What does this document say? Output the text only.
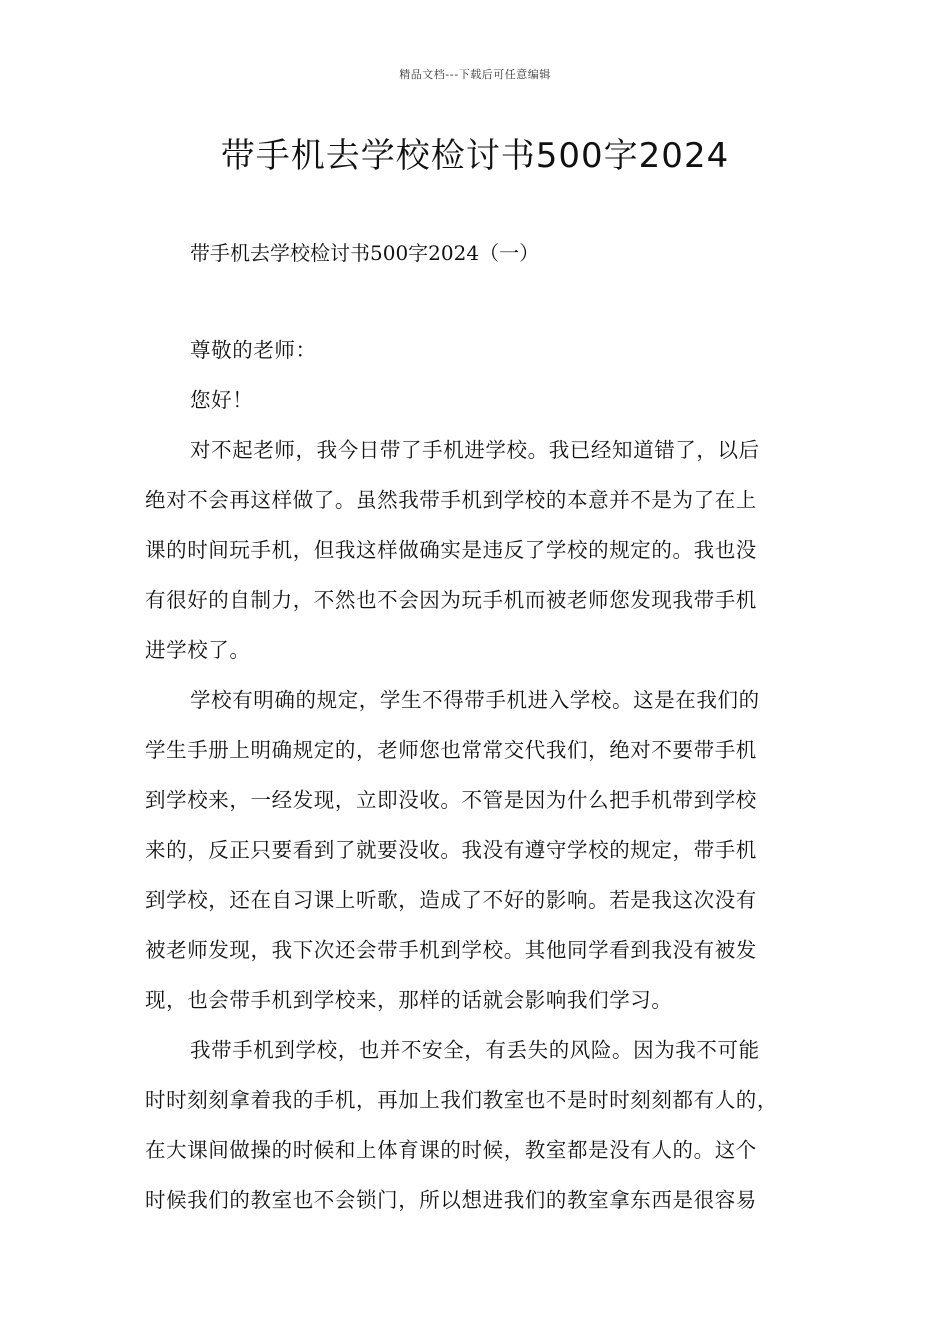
精品文档---下载后可任意编辑
带手机去学校检讨书500字2024
带手机去学校检讨书500字2024（一）
尊敬的老师：
您好！
对不起老师，我今日带了手机进学校。我已经知道错了，以后
绝对不会再这样做了。虽然我带手机到学校的本意并不是为了在上
课的时间玩手机，但我这样做确实是违反了学校的规定的。我也没
有很好的自制力，不然也不会因为玩手机而被老师您发现我带手机
进学校了。
学校有明确的规定，学生不得带手机进入学校。这是在我们的
学生手册上明确规定的，老师您也常常交代我们，绝对不要带手机
到学校来，一经发现，立即没收。不管是因为什么把手机带到学校
来的，反正只要看到了就要没收。我没有遵守学校的规定，带手机
到学校，还在自习课上听歌，造成了不好的影响。若是我这次没有
被老师发现，我下次还会带手机到学校。其他同学看到我没有被发
现，也会带手机到学校来，那样的话就会影响我们学习。
我带手机到学校，也并不安全，有丢失的风险。因为我不可能
时时刻刻拿着我的手机，再加上我们教室也不是时时刻刻都有人的，
在大课间做操的时候和上体育课的时候，教室都是没有人的。这个
时候我们的教室也不会锁门，所以想进我们的教室拿东西是很容易
